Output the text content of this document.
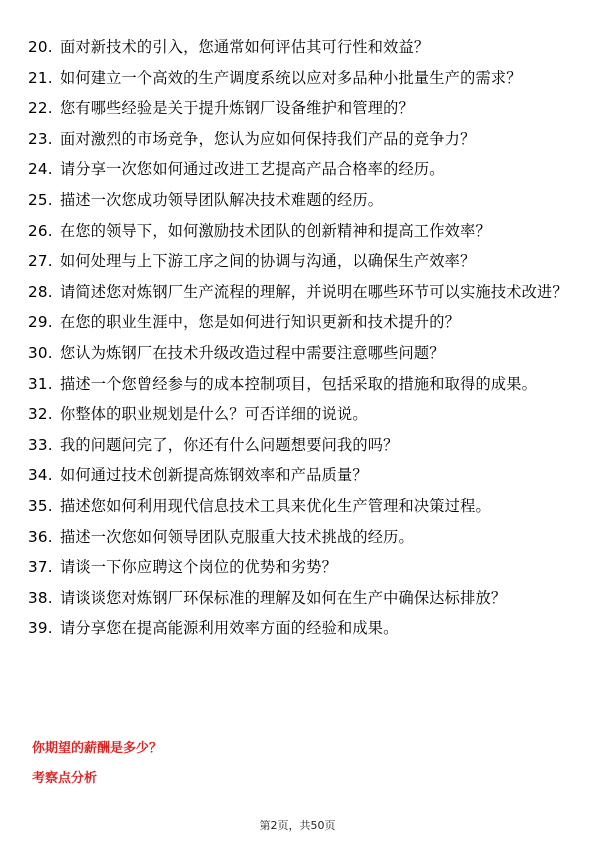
20. 面对新技术的引入，您通常如何评估其可行性和效益？
21. 如何建立一个高效的生产调度系统以应对多品种小批量生产的需求？
22. 您有哪些经验是关于提升炼钢厂设备维护和管理的？
23. 面对激烈的市场竞争，您认为应如何保持我们产品的竞争力？
24. 请分享一次您如何通过改进工艺提高产品合格率的经历。
25. 描述一次您成功领导团队解决技术难题的经历。
26. 在您的领导下，如何激励技术团队的创新精神和提高工作效率？
27. 如何处理与上下游工序之间的协调与沟通，以确保生产效率？
28. 请简述您对炼钢厂生产流程的理解，并说明在哪些环节可以实施技术改进？
29. 在您的职业生涯中，您是如何进行知识更新和技术提升的？
30. 您认为炼钢厂在技术升级改造过程中需要注意哪些问题？
31. 描述一个您曾经参与的成本控制项目，包括采取的措施和取得的成果。
32. 你整体的职业规划是什么？可否详细的说说。
33. 我的问题问完了，你还有什么问题想要问我的吗？
34. 如何通过技术创新提高炼钢效率和产品质量？
35. 描述您如何利用现代信息技术工具来优化生产管理和决策过程。
36. 描述一次您如何领导团队克服重大技术挑战的经历。
37. 请谈一下你应聘这个岗位的优势和劣势？
38. 请谈谈您对炼钢厂环保标准的理解及如何在生产中确保达标排放？
39. 请分享您在提高能源利用效率方面的经验和成果。
你期望的薪酬是多少？
考察点分析
第2页，共50页
